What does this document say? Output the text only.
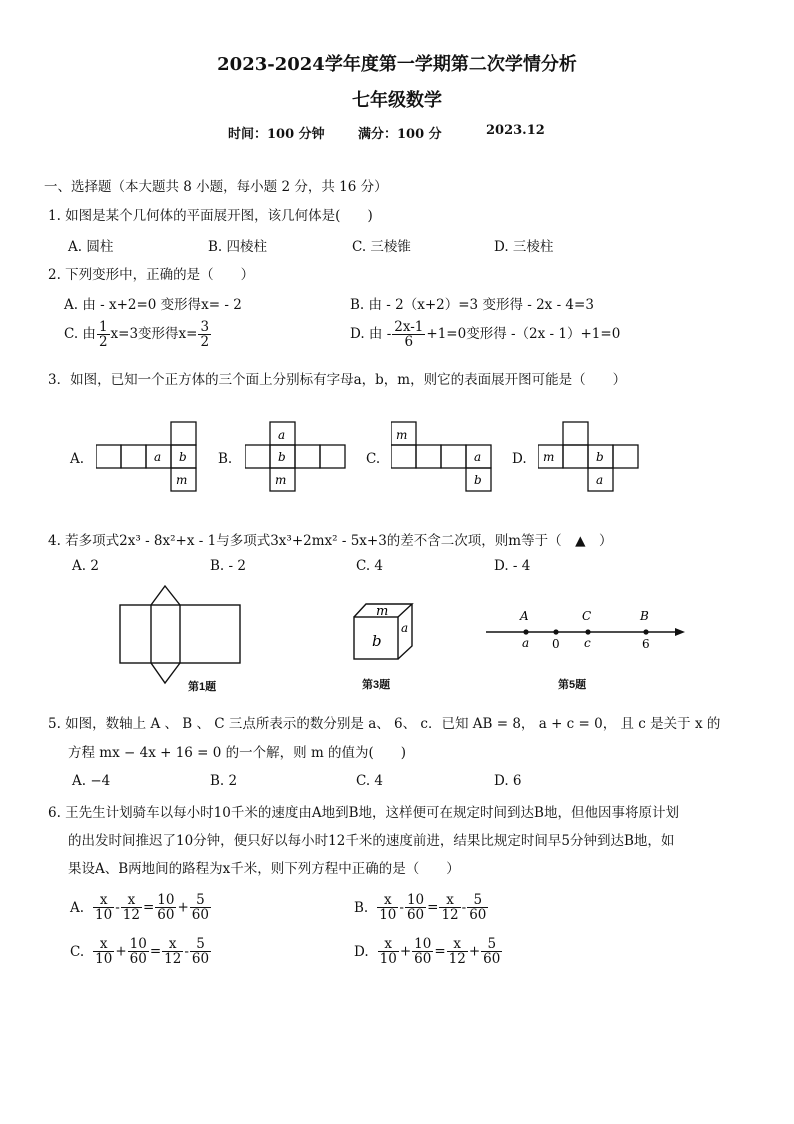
2023-2024学年度第一学期第二次学情分析
七年级数学
时间：100 分钟	满分：100 分	2023.12
一、选择题（本大题共 8 小题，每小题 2 分，共 16 分）
1. 如图是某个几何体的平面展开图，该几何体是(　　)
A. 圆柱	B. 四棱柱	C. 三棱锥	D. 三棱柱
2. 下列变形中，正确的是（　　）
A. 由 - x+2=0 变形得x= - 2	B. 由 - 2（x+2）=3 变形得 - 2x - 4=3
C. 由 $\frac{1}{2} x=3$变形得$x= \frac{3}{2}$	D. 由 - $\frac{2x-1}{6} +1=0$变形得 -（2x - 1）+1=0
3．如图，已知一个正方体的三个面上分别标有字母a，b，m，则它的表面展开图可能是（　　）
A.	a b
m
B.
a
b
m
C.
m
a
b
D. m	b
a
4. 若多项式2x³ - 8x²+x - 1与多项式3x³+2mx² - 5x+3的差不含二次项，则m等于（　▲　）
A. 2	B. - 2	C. 4	D. - 4
第1题
m
b
a
第3题
A	C	B
a 0 c	6
第5题
5. 如图，数轴上 A 、 B 、 C 三点所表示的数分别是 a、 6、 c．已知 AB = 8， a + c = 0， 且 c 是关于 x 的
方程 mx − 4x + 16 = 0 的一个解，则 m 的值为(　　)
A. −4	B. 2	C. 4	D. 6
6. 王先生计划骑车以每小时10千米的速度由A地到B地，这样便可在规定时间到达B地，但他因事将原计划
的出发时间推迟了10分钟，便只好以每小时12千米的速度前进，结果比规定时间早5分钟到达B地，如
果设A、B两地间的路程为x千米，则下列方程中正确的是（　　）
A. $\frac{x}{10} - \frac{x}{12} = \frac{10}{60} + \frac{5}{60}$	B. $\frac{x}{10} - \frac{10}{60} = \frac{x}{12} - \frac{5}{60}$
C. $\frac{x}{10} + \frac{10}{60} = \frac{x}{12} - \frac{5}{60}$	D. $\frac{x}{10} + \frac{10}{60} = \frac{x}{12} + \frac{5}{60}$
